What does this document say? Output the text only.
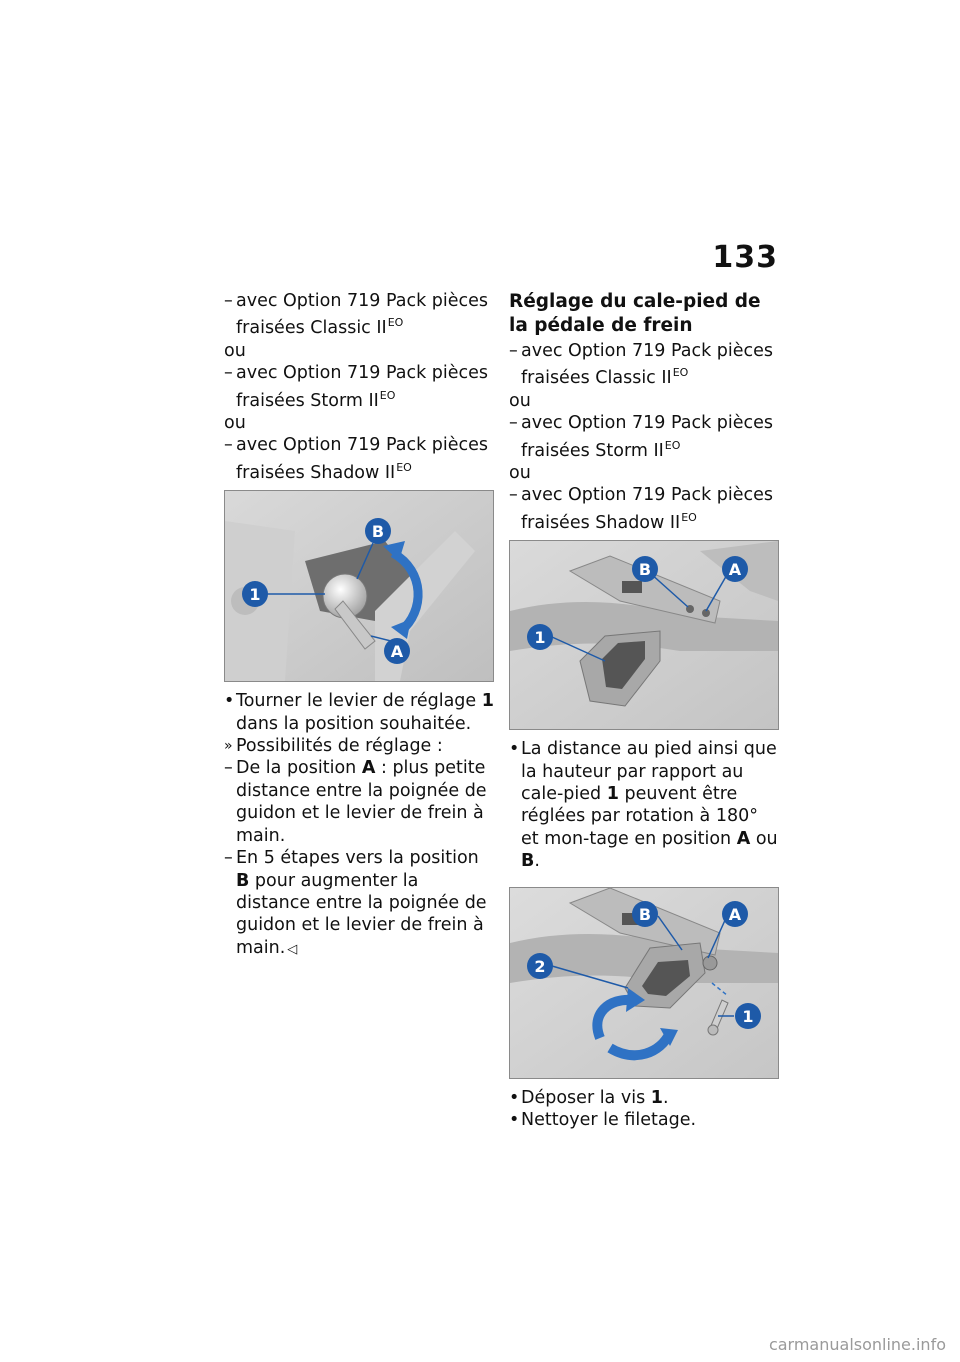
133
– avec Option 719 Pack pièces fraisées Classic $II^{EO}$
ou
– avec Option 719 Pack pièces fraisées Storm $II^{EO}$
ou
– avec Option 719 Pack pièces fraisées Shadow $II^{EO}$
1
B
A
• Tourner le levier de réglage 1 dans la position souhaitée.
» Possibilités de réglage :
– De la position A : plus petite distance entre la poignée de guidon et le levier de frein à main.
– En 5 étapes vers la position B pour augmenter la distance entre la poignée de guidon et le levier de frein à main. ◁
Réglage du cale-pied de la pédale de frein
– avec Option 719 Pack pièces fraisées Classic $II^{EO}$
ou
– avec Option 719 Pack pièces fraisées Storm $II^{EO}$
ou
– avec Option 719 Pack pièces fraisées Shadow $II^{EO}$
1
B	A
• La distance au pied ainsi que la hauteur par rapport au cale-pied 1 peuvent être réglées par rotation à 180° et mon-tage en position A ou B.
2
B	A
1
• Déposer la vis 1.
• Nettoyer le filetage.
carmanualsonline.info
